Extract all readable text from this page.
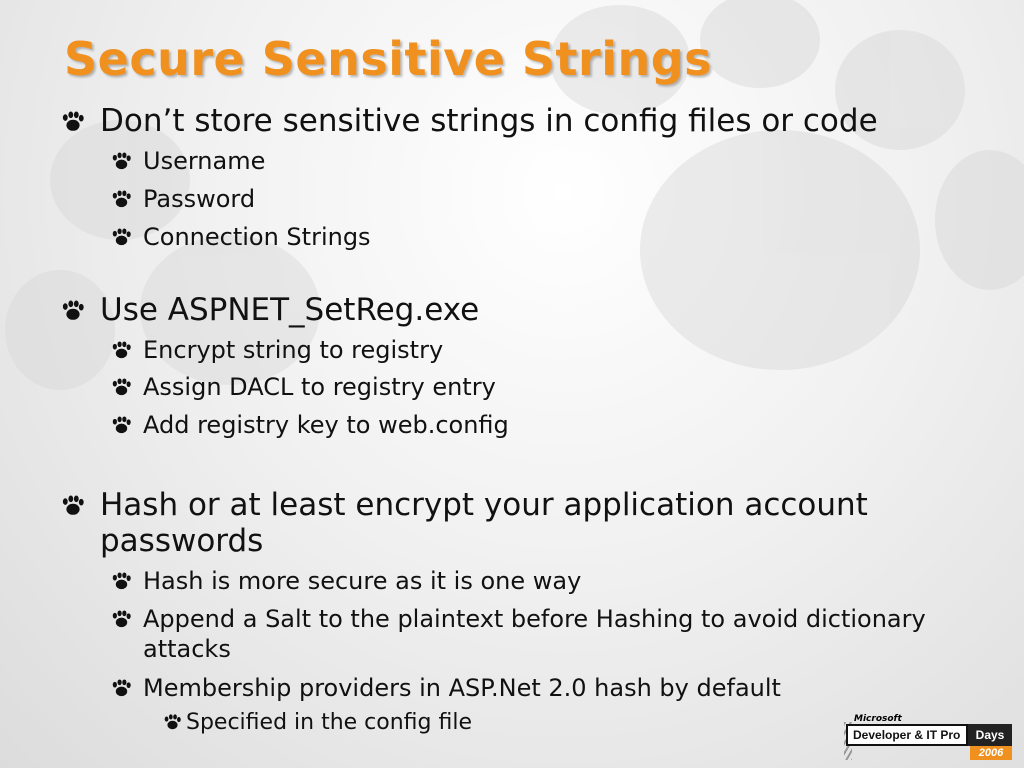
Secure Sensitive Strings
Don’t store sensitive strings in config files or code
Username
Password
Connection Strings
Use ASPNET_SetReg.exe
Encrypt string to registry
Assign DACL to registry entry
Add registry key to web.config
Hash or at least encrypt your application account passwords
Hash is more secure as it is one way
Append a Salt to the plaintext before Hashing to avoid dictionary attacks
Membership providers in ASP.Net 2.0 hash by default
Specified in the config file	Microsoft
Developer & IT Pro	Days
2006
